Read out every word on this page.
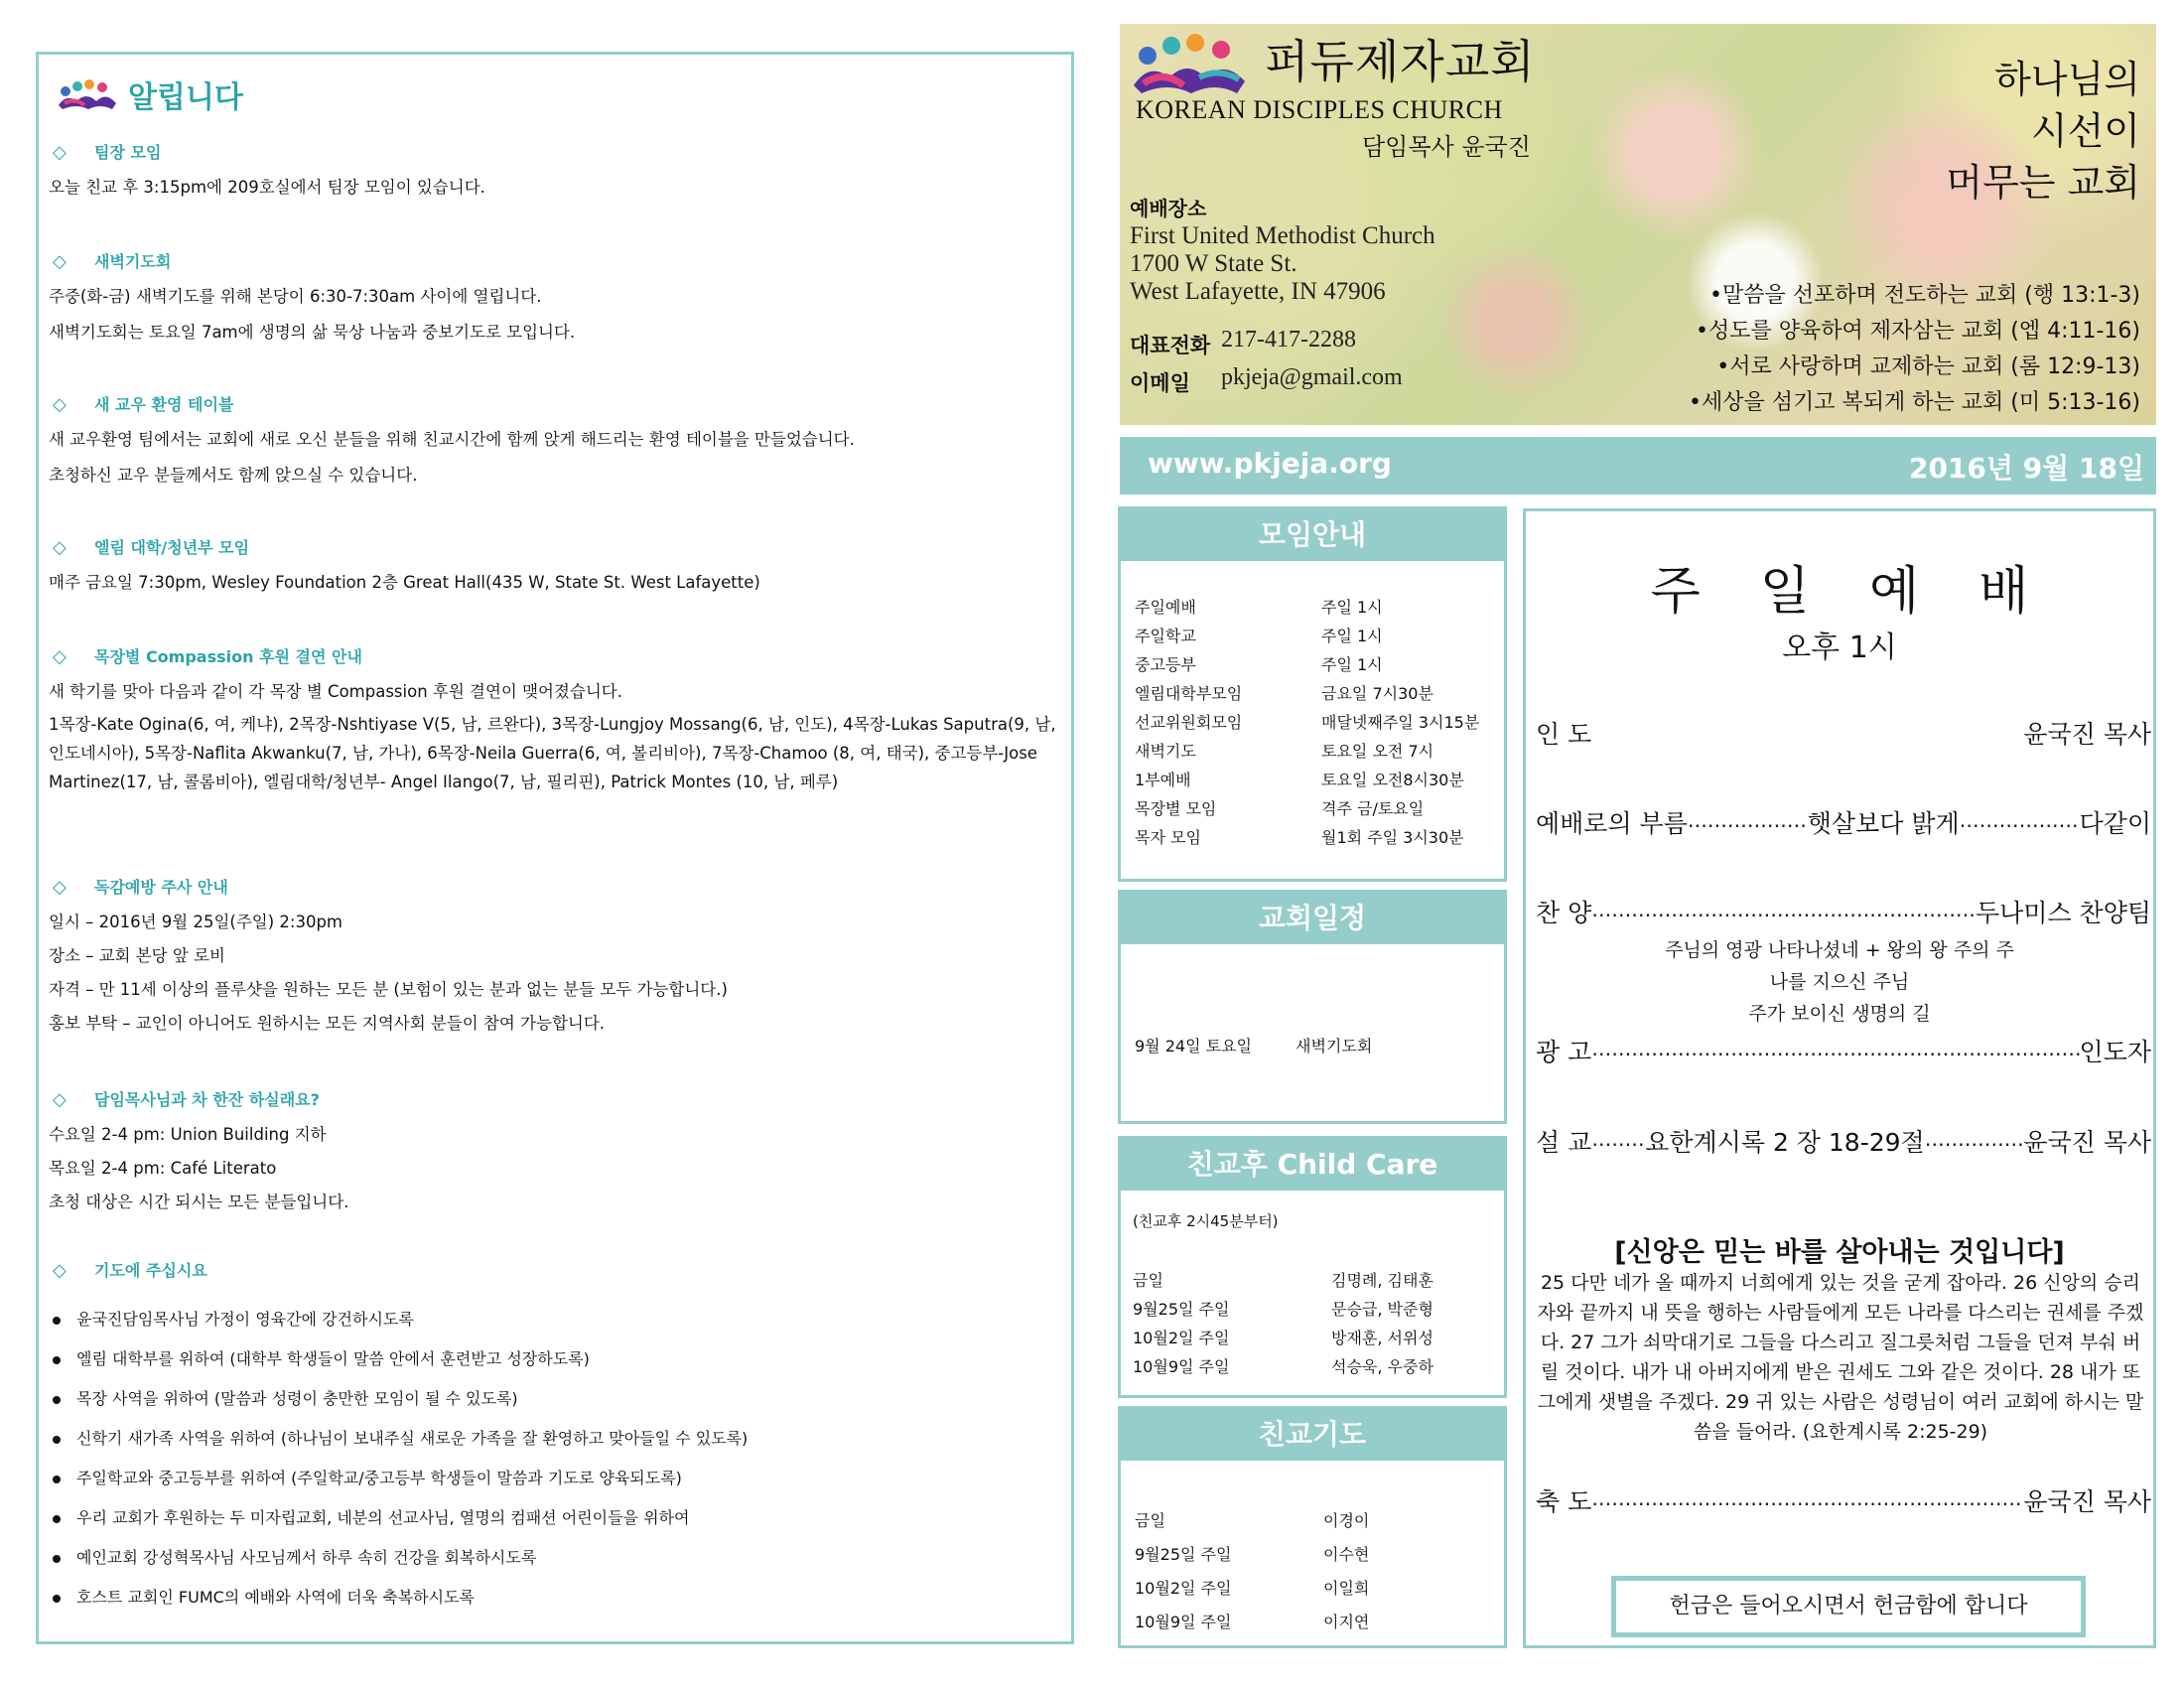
알립니다
◇ 팀장 모임
오늘 친교 후 3:15pm에 209호실에서 팀장 모임이 있습니다.
◇ 새벽기도회
주중(화-금) 새벽기도를 위해 본당이 6:30-7:30am 사이에 열립니다.
새벽기도회는 토요일 7am에 생명의 삶 묵상 나눔과 중보기도로 모입니다.
◇ 새 교우 환영 테이블
새 교우환영 팀에서는 교회에 새로 오신 분들을 위해 친교시간에 함께 앉게 해드리는 환영 테이블을 만들었습니다.
초청하신 교우 분들께서도 함께 앉으실 수 있습니다.
◇ 엘림 대학/청년부 모임
매주 금요일 7:30pm, Wesley Foundation 2층 Great Hall(435 W, State St. West Lafayette)
◇ 목장별 Compassion 후원 결연 안내
새 학기를 맞아 다음과 같이 각 목장 별 Compassion 후원 결연이 맺어졌습니다.
1목장-Kate Ogina(6, 여, 케냐), 2목장-Nshtiyase V(5, 남, 르완다), 3목장-Lungjoy Mossang(6, 남, 인도), 4목장-Lukas Saputra(9, 남, 인도네시아), 5목장-Naflita Akwanku(7, 남, 가나), 6목장-Neila Guerra(6, 여, 볼리비아), 7목장-Chamoo (8, 여, 태국), 중고등부-Jose Martinez(17, 남, 콜롬비아), 엘림대학/청년부- Angel Ilango(7, 남, 필리핀), Patrick Montes (10, 남, 페루)
◇ 독감예방 주사 안내
일시 – 2016년 9월 25일(주일) 2:30pm
장소 – 교회 본당 앞 로비
자격 – 만 11세 이상의 플루샷을 원하는 모든 분 (보험이 있는 분과 없는 분들 모두 가능합니다.)
홍보 부탁 – 교인이 아니어도 원하시는 모든 지역사회 분들이 참여 가능합니다.
◇ 담임목사님과 차 한잔 하실래요?
수요일 2-4 pm: Union Building 지하
목요일 2-4 pm: Café Literato
초청 대상은 시간 되시는 모든 분들입니다.
◇ 기도에 주십시요
윤국진담임목사님 가정이 영육간에 강건하시도록
엘림 대학부를 위하여 (대학부 학생들이 말씀 안에서 훈련받고 성장하도록)
목장 사역을 위하여 (말씀과 성령이 충만한 모임이 될 수 있도록)
신학기 새가족 사역을 위하여 (하나님이 보내주실 새로운 가족을 잘 환영하고 맞아들일 수 있도록)
주일학교와 중고등부를 위하여 (주일학교/중고등부 학생들이 말씀과 기도로 양육되도록)
우리 교회가 후원하는 두 미자립교회, 네분의 선교사님, 열명의 컴패션 어린이들을 위하여
예인교회 강성혁목사님 사모님께서 하루 속히 건강을 회복하시도록
호스트 교회인 FUMC의 예배와 사역에 더욱 축복하시도록
퍼듀제자교회
KOREAN DISCIPLES CHURCH
담임목사 윤국진
하나님의
시선이
머무는 교회
예배장소
First United Methodist Church
1700 W State St.
West Lafayette, IN 47906
대표전화 217-417-2288
이메일 pkjeja@gmail.com
•말씀을 선포하며 전도하는 교회 (행 13:1-3)
•성도를 양육하여 제자삼는 교회 (엡 4:11-16)
•서로 사랑하며 교제하는 교회 (롬 12:9-13)
•세상을 섬기고 복되게 하는 교회 (미 5:13-16)
www.pkjeja.org	2016년 9월 18일
모임안내
주일예배	주일 1시
주일학교	주일 1시
중고등부	주일 1시
엘림대학부모임	금요일 7시30분
선교위원회모임	매달넷째주일 3시15분
새벽기도	토요일 오전 7시
1부예배	토요일 오전8시30분
목장별 모임	격주 금/토요일
목자 모임	월1회 주일 3시30분
교회일정
9월 24일 토요일	새벽기도회
친교후 Child Care
(친교후 2시45분부터)
금일	김명례, 김태훈
9월25일 주일	문승급, 박준형
10월2일 주일	방재훈, 서위성
10월9일 주일	석승욱, 우중하
친교기도
금일	이경이
9월25일 주일	이수현
10월2일 주일	이일희
10월9일 주일	이지연
주일예배
오후 1시
인 도	윤국진 목사
예배로의 부름 ………………………………………………………………………………………………………………	햇살보다 밝게 ………………………………………………………………………………………………………………	다같이
찬 양 ………………………………………………………………………………………………………………	두나미스 찬양팀
주님의 영광 나타나셨네 + 왕의 왕 주의 주
나를 지으신 주님
주가 보이신 생명의 길
광 고 ………………………………………………………………………………………………………………	인도자
설 교 ……………………………………………………………………………………………………………… 요한계시록 2 장 18-29절 ………………………………………………………………………………………………………………	윤국진 목사
[신앙은 믿는 바를 살아내는 것입니다]
25 다만 네가 올 때까지 너희에게 있는 것을 굳게 잡아라. 26 신앙의 승리자와 끝까지 내 뜻을 행하는 사람들에게 모든 나라를 다스리는 권세를 주겠다. 27 그가 쇠막대기로 그들을 다스리고 질그릇처럼 그들을 던져 부숴 버릴 것이다. 내가 내 아버지에게 받은 권세도 그와 같은 것이다. 28 내가 또 그에게 샛별을 주겠다. 29 귀 있는 사람은 성령님이 여러 교회에 하시는 말씀을 들어라. (요한계시록 2:25-29)
축 도 ………………………………………………………………………………………………………………	윤국진 목사
헌금은 들어오시면서 헌금함에 합니다
